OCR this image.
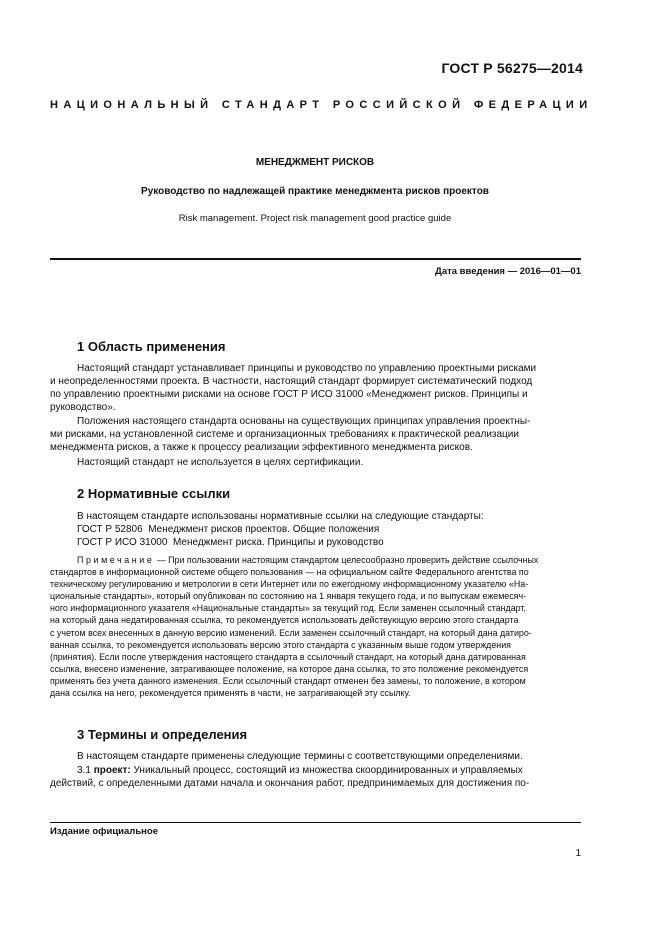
ГОСТ Р 56275—2014
НАЦИОНАЛЬНЫЙ СТАНДАРТ РОССИЙСКОЙ ФЕДЕРАЦИИ
МЕНЕДЖМЕНТ РИСКОВ
Руководство по надлежащей практике менеджмента рисков проектов
Risk management. Project risk management good practice guide
Дата введения — 2016—01—01
1 Область применения
Настоящий стандарт устанавливает принципы и руководство по управлению проектными рисками
и неопределенностями проекта. В частности, настоящий стандарт формирует систематический подход
по управлению проектными рисками на основе ГОСТ Р ИСО 31000 «Менеджмент рисков. Принципы и
руководство».
Положения настоящего стандарта основаны на существующих принципах управления проектны-
ми рисками, на установленной системе и организационных требованиях к практической реализации
менеджмента рисков, а также к процессу реализации эффективного менеджмента рисков.
Настоящий стандарт не используется в целях сертификации.
2 Нормативные ссылки
В настоящем стандарте использованы нормативные ссылки на следующие стандарты:
ГОСТ Р 52806  Менеджмент рисков проектов. Общие положения
ГОСТ Р ИСО 31000  Менеджмент риска. Принципы и руководство
Примечание — При пользовании настоящим стандартом целесообразно проверить действие ссылочных
стандартов в информационной системе общего пользования — на официальном сайте Федерального агентства по
техническому регулированию и метрологии в сети Интернет или по ежегодному информационному указателю «На-
циональные стандарты», который опубликован по состоянию на 1 января текущего года, и по выпускам ежемесяч-
ного информационного указателя «Национальные стандарты» за текущий год. Если заменен ссылочный стандарт,
на который дана недатированная ссылка, то рекомендуется использовать действующую версию этого стандарта
с учетом всех внесенных в данную версию изменений. Если заменен ссылочный стандарт, на который дана датиро-
ванная ссылка, то рекомендуется использовать версию этого стандарта с указанным выше годом утверждения
(принятия). Если после утверждения настоящего стандарта в ссылочный стандарт, на который дана датированная
ссылка, внесено изменение, затрагивающее положение, на которое дана ссылка, то это положение рекомендуется
применять без учета данного изменения. Если ссылочный стандарт отменен без замены, то положение, в котором
дана ссылка на него, рекомендуется применять в части, не затрагивающей эту ссылку.
3 Термины и определения
В настоящем стандарте применены следующие термины с соответствующими определениями.
3.1 проект: Уникальный процесс, состоящий из множества скоординированных и управляемых
действий, с определенными датами начала и окончания работ, предпринимаемых для достижения по-
Издание официальное
1
